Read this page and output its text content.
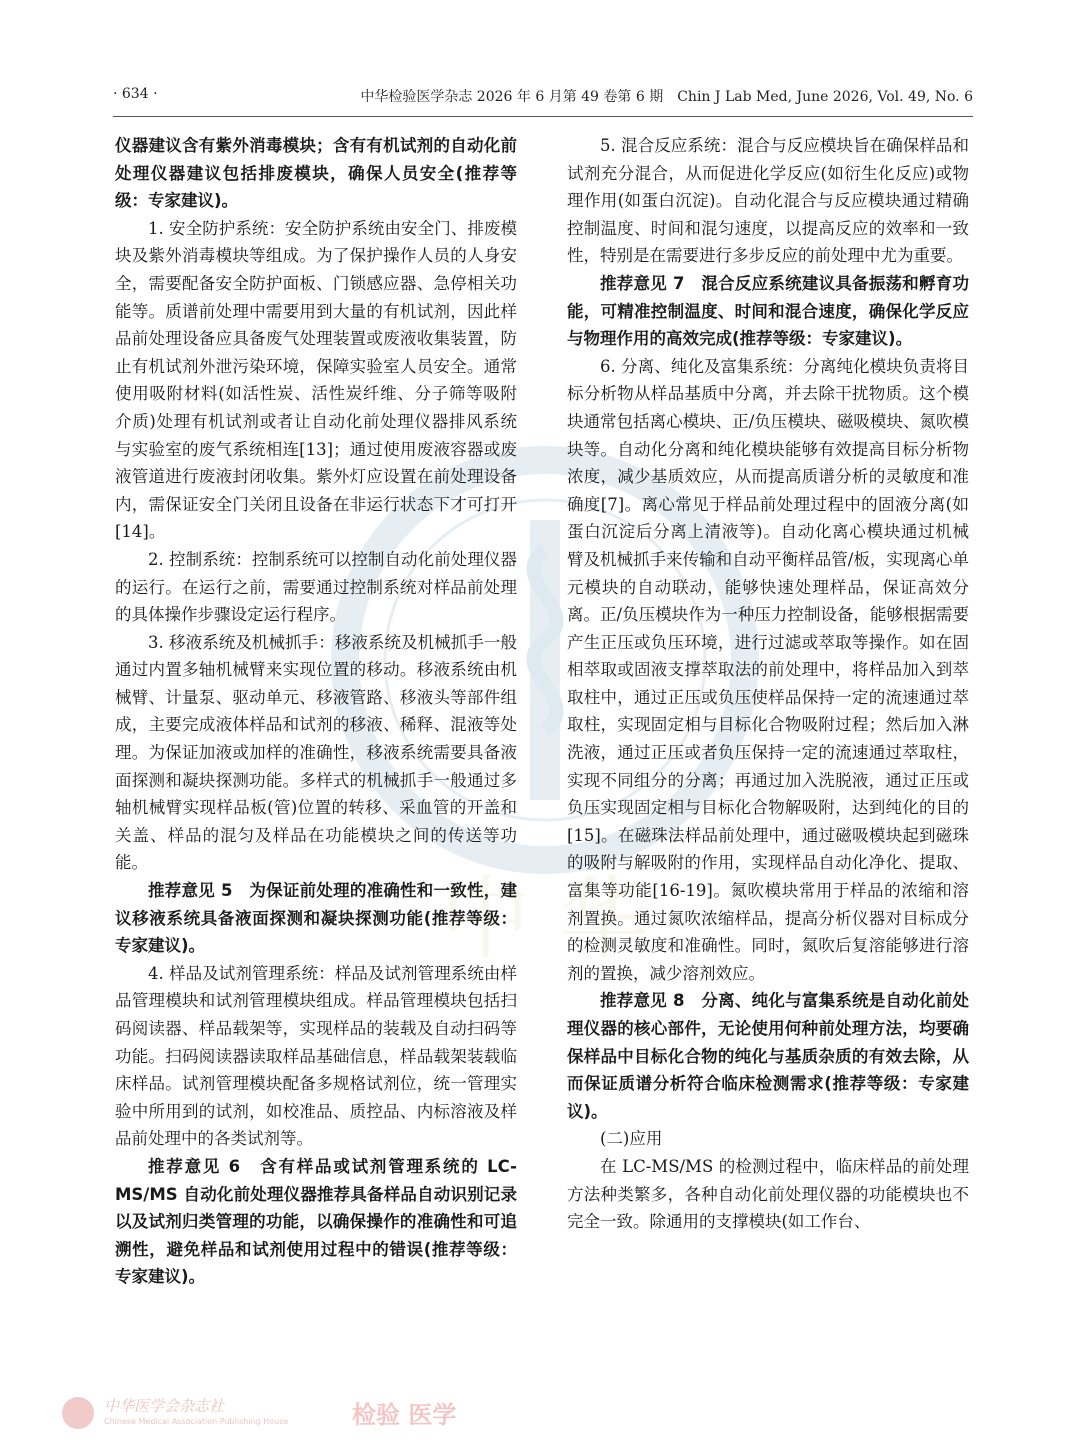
· 634 ·	中华检验医学杂志 2026 年 6 月第 49 卷第 6 期　Chin J Lab Med, June 2026, Vol. 49, No. 6
中 华

仪器建议含有紫外消毒模块；含有有机试剂的自动化前处理仪器建议包括排废模块，确保人员安全(推荐等级：专家建议)。

1. 安全防护系统：安全防护系统由安全门、排废模块及紫外消毒模块等组成。为了保护操作人员的人身安全，需要配备安全防护面板、门锁感应器、急停相关功能等。质谱前处理中需要用到大量的有机试剂，因此样品前处理设备应具备废气处理装置或废液收集装置，防止有机试剂外泄污染环境，保障实验室人员安全。通常使用吸附材料(如活性炭、活性炭纤维、分子筛等吸附介质)处理有机试剂或者让自动化前处理仪器排风系统与实验室的废气系统相连[13]；通过使用废液容器或废液管道进行废液封闭收集。紫外灯应设置在前处理设备内，需保证安全门关闭且设备在非运行状态下才可打开[14]。

2. 控制系统：控制系统可以控制自动化前处理仪器的运行。在运行之前，需要通过控制系统对样品前处理的具体操作步骤设定运行程序。

3. 移液系统及机械抓手：移液系统及机械抓手一般通过内置多轴机械臂来实现位置的移动。移液系统由机械臂、计量泵、驱动单元、移液管路、移液头等部件组成，主要完成液体样品和试剂的移液、稀释、混液等处理。为保证加液或加样的准确性，移液系统需要具备液面探测和凝块探测功能。多样式的机械抓手一般通过多轴机械臂实现样品板(管)位置的转移、采血管的开盖和关盖、样品的混匀及样品在功能模块之间的传送等功能。

推荐意见 5　为保证前处理的准确性和一致性，建议移液系统具备液面探测和凝块探测功能(推荐等级：专家建议)。

4. 样品及试剂管理系统：样品及试剂管理系统由样品管理模块和试剂管理模块组成。样品管理模块包括扫码阅读器、样品载架等，实现样品的装载及自动扫码等功能。扫码阅读器读取样品基础信息，样品载架装载临床样品。试剂管理模块配备多规格试剂位，统一管理实验中所用到的试剂，如校准品、质控品、内标溶液及样品前处理中的各类试剂等。

推荐意见 6　含有样品或试剂管理系统的 LC-MS/MS 自动化前处理仪器推荐具备样品自动识别记录以及试剂归类管理的功能，以确保操作的准确性和可追溯性，避免样品和试剂使用过程中的错误(推荐等级：专家建议)。

5. 混合反应系统：混合与反应模块旨在确保样品和试剂充分混合，从而促进化学反应(如衍生化反应)或物理作用(如蛋白沉淀)。自动化混合与反应模块通过精确控制温度、时间和混匀速度，以提高反应的效率和一致性，特别是在需要进行多步反应的前处理中尤为重要。

推荐意见 7　混合反应系统建议具备振荡和孵育功能，可精准控制温度、时间和混合速度，确保化学反应与物理作用的高效完成(推荐等级：专家建议)。

6. 分离、纯化及富集系统：分离纯化模块负责将目标分析物从样品基质中分离，并去除干扰物质。这个模块通常包括离心模块、正/负压模块、磁吸模块、氮吹模块等。自动化分离和纯化模块能够有效提高目标分析物浓度，减少基质效应，从而提高质谱分析的灵敏度和准确度[7]。离心常见于样品前处理过程中的固液分离(如蛋白沉淀后分离上清液等)。自动化离心模块通过机械臂及机械抓手来传输和自动平衡样品管/板，实现离心单元模块的自动联动，能够快速处理样品，保证高效分离。正/负压模块作为一种压力控制设备，能够根据需要产生正压或负压环境，进行过滤或萃取等操作。如在固相萃取或固液支撑萃取法的前处理中，将样品加入到萃取柱中，通过正压或负压使样品保持一定的流速通过萃取柱，实现固定相与目标化合物吸附过程；然后加入淋洗液，通过正压或者负压保持一定的流速通过萃取柱，实现不同组分的分离；再通过加入洗脱液，通过正压或负压实现固定相与目标化合物解吸附，达到纯化的目的[15]。在磁珠法样品前处理中，通过磁吸模块起到磁珠的吸附与解吸附的作用，实现样品自动化净化、提取、富集等功能[16-19]。氮吹模块常用于样品的浓缩和溶剂置换。通过氮吹浓缩样品，提高分析仪器对目标成分的检测灵敏度和准确性。同时，氮吹后复溶能够进行溶剂的置换，减少溶剂效应。

推荐意见 8　分离、纯化与富集系统是自动化前处理仪器的核心部件，无论使用何种前处理方法，均要确保样品中目标化合物的纯化与基质杂质的有效去除，从而保证质谱分析符合临床检测需求(推荐等级：专家建议)。

(二)应用

在 LC-MS/MS 的检测过程中，临床样品的前处理方法种类繁多，各种自动化前处理仪器的功能模块也不完全一致。除通用的支撑模块(如工作台、

中华医学会杂志社
Chinese Medical Association Publishing House	检验 医学
